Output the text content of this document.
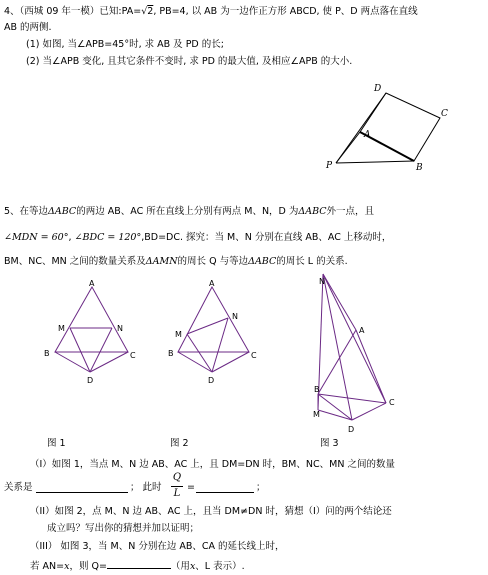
4、（西城 09 年一模）已知:PA=√2, PB=4, 以 AB 为一边作正方形 ABCD, 使 P、D 两点落在直线
AB 的两侧.
(1) 如图, 当∠APB=45°时, 求 AB 及 PD 的长;
(2) 当∠APB 变化, 且其它条件不变时, 求 PD 的最大值, 及相应∠APB 的大小.
5、在等边ΔABC的两边 AB、AC 所在直线上分别有两点 M、N，D 为ΔABC外一点，且
∠MDN = 60°, ∠BDC = 120°,BD=DC. 探究：当 M、N 分别在直线 AB、AC 上移动时，
BM、NC、MN 之间的数量关系及ΔAMN的周长 Q 与等边ΔABC的周长 L 的关系.
图 1	图 2	图 3
（I）如图 1，当点 M、N 边 AB、AC 上，且 DM=DN 时，BM、NC、MN 之间的数量
关系是	； 此时
Q
L
=	；
（II）如图 2，点 M、N 边 AB、AC 上，且当 DM≠DN 时，猜想（I）问的两个结论还
成立吗？写出你的猜想并加以证明；
（III） 如图 3，当 M、N 分别在边 AB、CA 的延长线上时，
若 AN=x，则 Q=	（用x、L 表示）.
D
C
A
P	B
A
M	N
B	C
D
A
M
N
B	C
D
N
A
B
M
C
D
